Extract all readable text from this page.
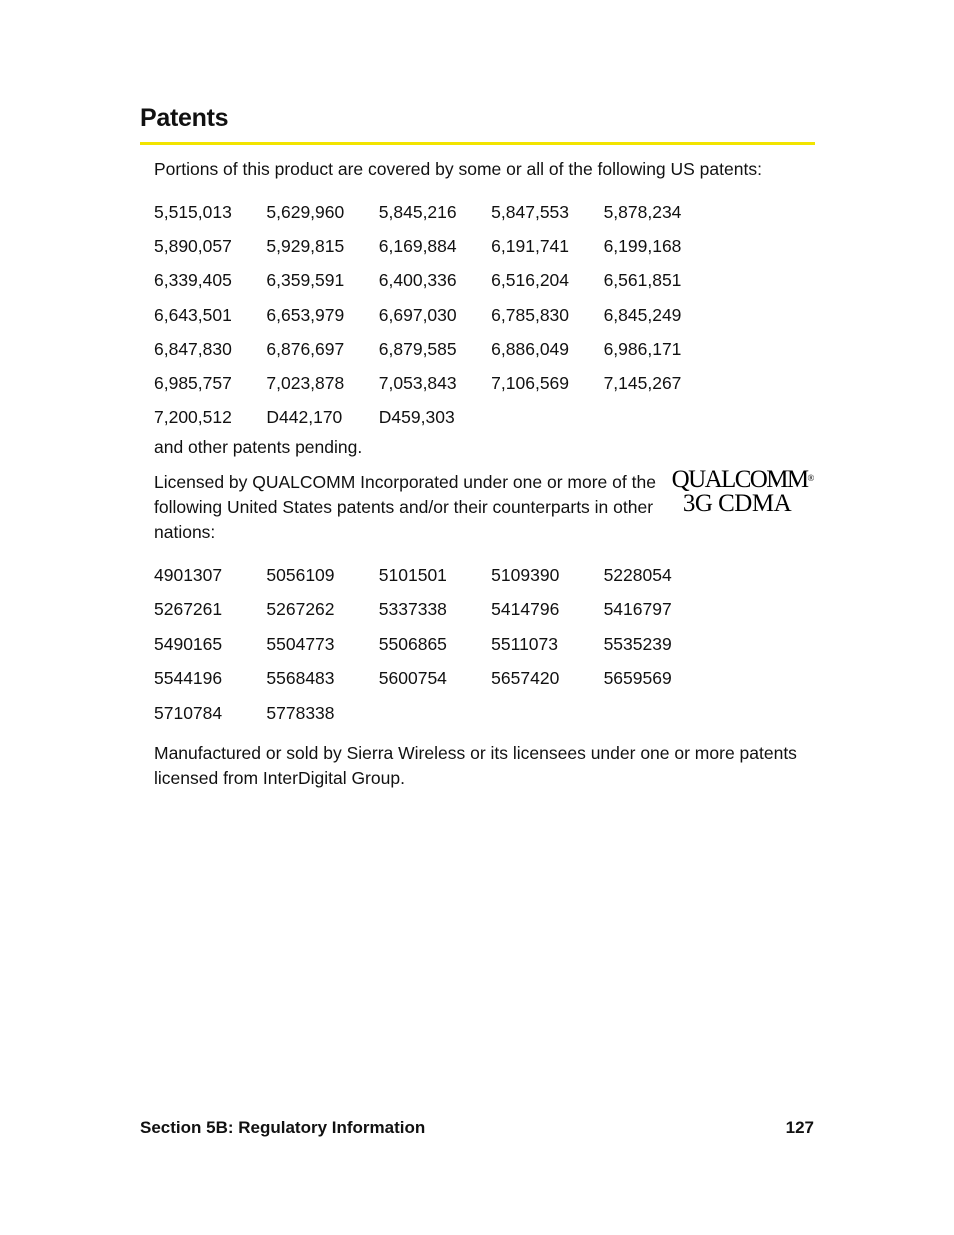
Patents

Portions of this product are covered by some or all of the following US patents:

5,515,013	5,629,960	5,845,216	5,847,553	5,878,234
5,890,057	5,929,815	6,169,884	6,191,741	6,199,168
6,339,405	6,359,591	6,400,336	6,516,204	6,561,851
6,643,501	6,653,979	6,697,030	6,785,830	6,845,249
6,847,830	6,876,697	6,879,585	6,886,049	6,986,171
6,985,757	7,023,878	7,053,843	7,106,569	7,145,267
7,200,512	D442,170	D459,303		

and other patents pending.

Licensed by QUALCOMM Incorporated under one or more of the following United States patents and/or their counterparts in other nations:

QUALCOMM®
3G CDMA
4901307	5056109	5101501	5109390	5228054
5267261	5267262	5337338	5414796	5416797
5490165	5504773	5506865	5511073	5535239
5544196	5568483	5600754	5657420	5659569
5710784	5778338			

Manufactured or sold by Sierra Wireless or its licensees under one or more patents licensed from InterDigital Group.

Section 5B: Regulatory Information	127
